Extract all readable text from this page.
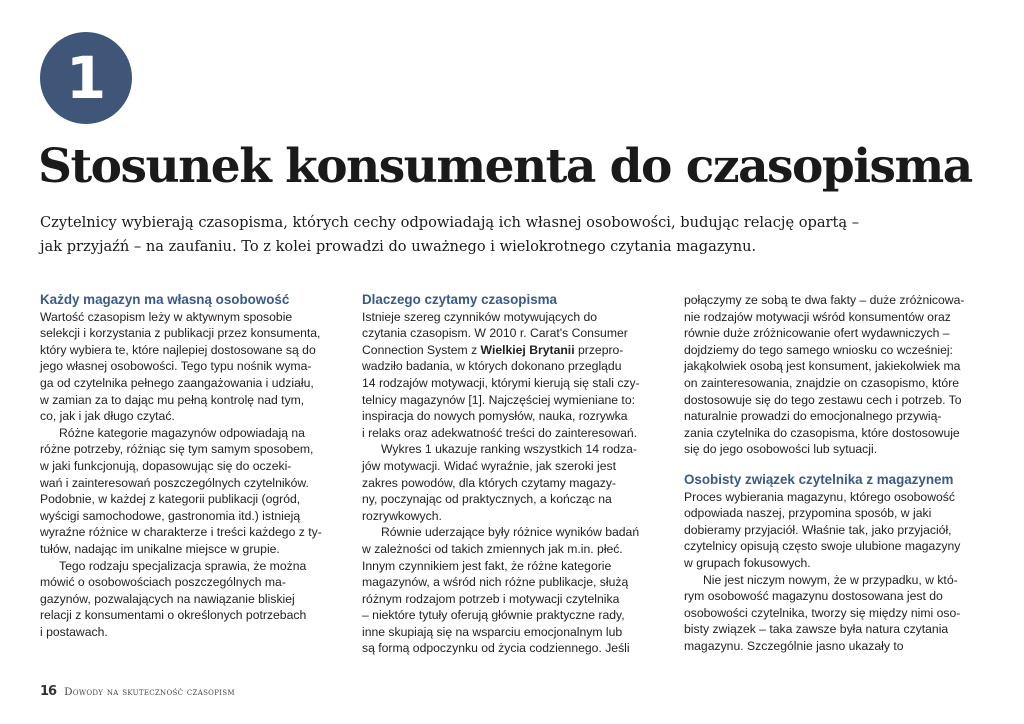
1
Stosunek konsumenta do czasopisma

Czytelnicy wybierają czasopisma, których cechy odpowiadają ich własnej osobowości, budując relację opartą –

jak przyjaźń – na zaufaniu. To z kolei prowadzi do uważnego i wielokrotnego czytania magazynu.

Każdy magazyn ma własną osobowość
Wartość czasopism leży w aktywnym sposobie
selekcji i korzystania z publikacji przez konsumenta,
który wybiera te, które najlepiej dostosowane są do
jego własnej osobowości. Tego typu nośnik wyma-
ga od czytelnika pełnego zaangażowania i udziału,
w zamian za to dając mu pełną kontrolę nad tym,
co, jak i jak długo czytać.
Różne kategorie magazynów odpowiadają na
różne potrzeby, różniąc się tym samym sposobem,
w jaki funkcjonują, dopasowując się do oczeki-
wań i zainteresowań poszczególnych czytelników.
Podobnie, w każdej z kategorii publikacji (ogród,
wyścigi samochodowe, gastronomia itd.) istnieją
wyraźne różnice w charakterze i treści każdego z ty-
tułów, nadając im unikalne miejsce w grupie.
Tego rodzaju specjalizacja sprawia, że można
mówić o osobowościach poszczególnych ma-
gazynów, pozwalających na nawiązanie bliskiej
relacji z konsumentami o określonych potrzebach
i postawach.
Dlaczego czytamy czasopisma
Istnieje szereg czynników motywujących do
czytania czasopism. W 2010 r. Carat's Consumer
Connection System z Wielkiej Brytanii przepro-
wadziło badania, w których dokonano przeglądu
14 rodzajów motywacji, którymi kierują się stali czy-
telnicy magazynów [1]. Najczęściej wymieniane to:
inspiracja do nowych pomysłów, nauka, rozrywka
i relaks oraz adekwatność treści do zainteresowań.
Wykres 1 ukazuje ranking wszystkich 14 rodza-
jów motywacji. Widać wyraźnie, jak szeroki jest
zakres powodów, dla których czytamy magazy-
ny, poczynając od praktycznych, a kończąc na
rozrywkowych.
Równie uderzające były różnice wyników badań
w zależności od takich zmiennych jak m.in. płeć.
Innym czynnikiem jest fakt, że różne kategorie
magazynów, a wśród nich różne publikacje, służą
różnym rodzajom potrzeb i motywacji czytelnika
– niektóre tytuły oferują głównie praktyczne rady,
inne skupiają się na wsparciu emocjonalnym lub
są formą odpoczynku od życia codziennego. Jeśli
połączymy ze sobą te dwa fakty – duże zróżnicowa-
nie rodzajów motywacji wśród konsumentów oraz
równie duże zróżnicowanie ofert wydawniczych –
dojdziemy do tego samego wniosku co wcześniej:
jakąkolwiek osobą jest konsument, jakiekolwiek ma
on zainteresowania, znajdzie on czasopismo, które
dostosowuje się do tego zestawu cech i potrzeb. To
naturalnie prowadzi do emocjonalnego przywią-
zania czytelnika do czasopisma, które dostosowuje
się do jego osobowości lub sytuacji.
Osobisty związek czytelnika z magazynem
Proces wybierania magazynu, którego osobowość
odpowiada naszej, przypomina sposób, w jaki
dobieramy przyjaciół. Właśnie tak, jako przyjaciół,
czytelnicy opisują często swoje ulubione magazyny
w grupach fokusowych.
Nie jest niczym nowym, że w przypadku, w któ-
rym osobowość magazynu dostosowana jest do
osobowości czytelnika, tworzy się między nimi oso-
bisty związek – taka zawsze była natura czytania
magazynu. Szczególnie jasno ukazały to
16 Dowody na skuteczność czasopism
